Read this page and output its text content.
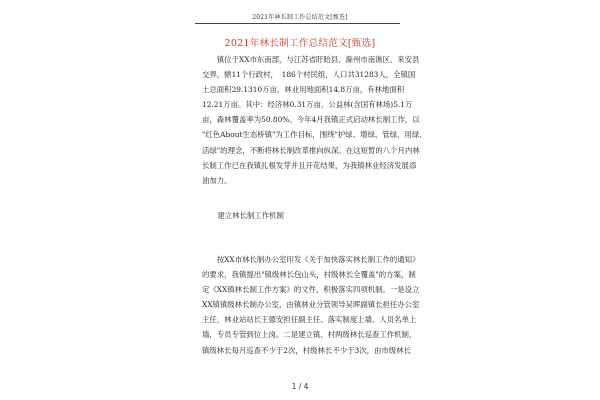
2021年林长制工作总结范文[甄选]
2021年林长制工作总结范文[甄选]
　　镇位于XX市东南部，与江苏省盱眙县、滁州市南谯区、来安县
交界，辖11个行政村，　186个村民组，人口共31283人，全镇国
土总面积29.1310万亩，林业用地面积14.8万亩，有林地面积
12.21万亩。其中：经济林0.31万亩，公益林(含国有林场)5.1万
亩，森林覆盖率为50.80%。今年4月我镇正式启动林长制工作，以
"红色About生态桥镇"为工作目标，围绕"护绿、增绿、管绿、用绿、
活绿"的理念，不断将林长制改革推向纵深。在这短暂的八个月内林
长制工作已在我镇扎根发芽并且开花结果，为我镇林业经济发展添
油加力。
　建立林长制工作机制
　　按XX市林长制办公室印发《关于加快落实林长制工作的通知》
的要求，我镇提出"镇级林长包山头，村级林长全覆盖"的方案，制
定《XX镇林长制工作方案》的文件，积极落实四项机制。一是设立
XX镇镇级林长制办公室，由镇林业分管领导吴晖副镇长担任办公室
主任，林业站站长王德安担任副主任、落实制度上墙、人员名单上
墙，专员专管到位上岗。二是建立镇、村两级林长巡查工作机制，
镇级林长每月巡查不少于2次，村级林长不少于3次，由市级林长
1 / 4
